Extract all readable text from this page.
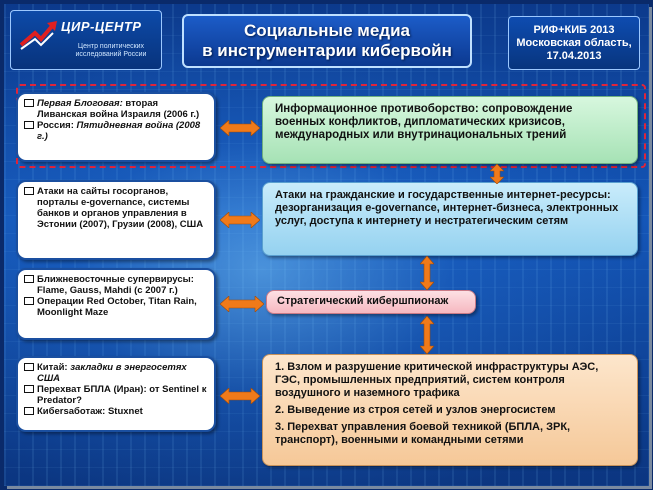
ЦИР-ЦЕНТР
Центр политических
исследований России
Социальные медиа
в инструментарии кибервойн
РИФ+КИБ 2013
Московская область,
17.04.2013
Первая Блоговая: вторая Ливанская война Израиля (2006 г.)
Россия: Пятидневная война (2008 г.)
Атаки на сайты госорганов, порталы e-governance, системы банков и органов управления в Эстонии (2007), Грузии (2008), США
Ближневосточные супервирусы: Flame, Gauss, Mahdi (с 2007 г.)
Операции Red October, Titan Rain, Moonlight Maze
Китай: закладки в энергосетях США
Перехват БПЛА (Иран): от Sentinel к Predator?
Кибersaботаж: Stuxnet
Информационное противоборство: сопровождение военных конфликтов, дипломатических кризисов, международных или внутринациональных трений
Атаки на гражданские и государственные интернет-ресурсы: дезорганизация e-governance, интернет-бизнеса, электронных услуг, доступа к интернету и нестратегическим сетям
Стратегический кибершпионаж

1. Взлом и разрушение критической инфраструктуры АЭС, ГЭС, промышленных предприятий, систем контроля воздушного и наземного трафика

2. Выведение из строя сетей и узлов энергосистем

3. Перехват управления боевой техникой (БПЛА, ЗРК, транспорт), военными и командными сетями
